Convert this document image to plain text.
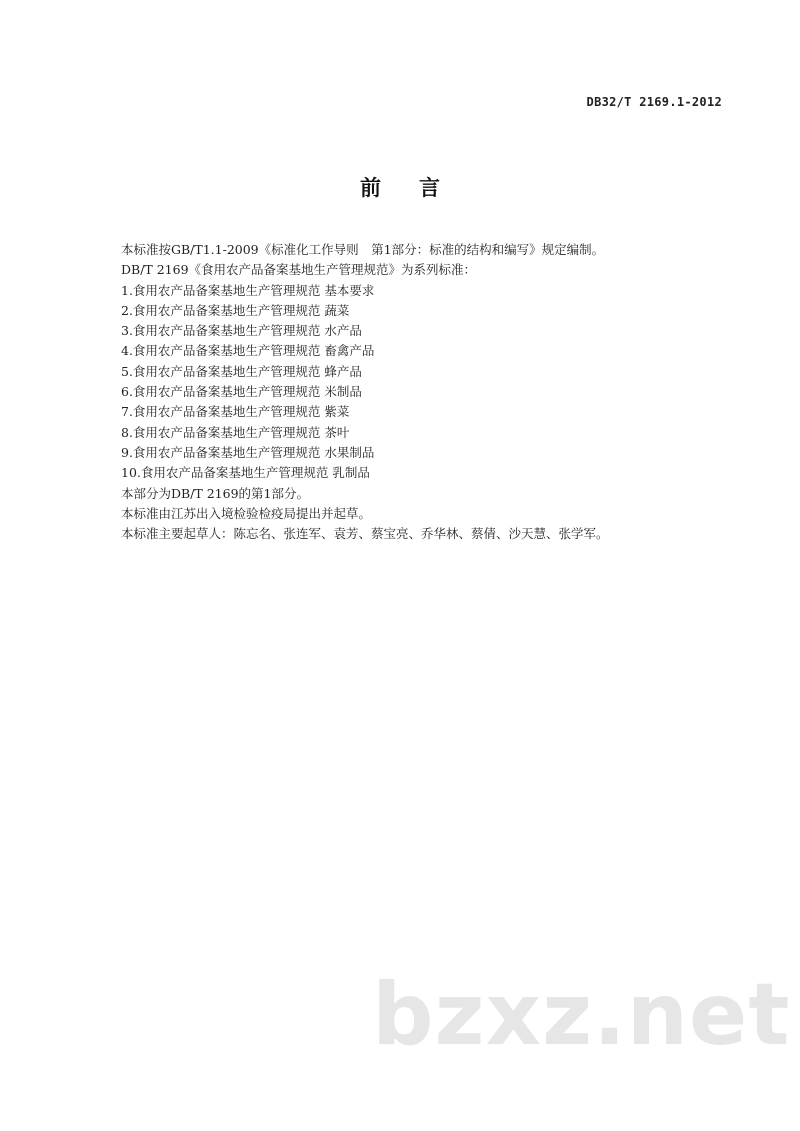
DB32/T 2169.1-2012
前言
本标准按GB/T1.1-2009《标准化工作导则　第1部分：标准的结构和编写》规定编制。
DB/T 2169《食用农产品备案基地生产管理规范》为系列标准：
1.食用农产品备案基地生产管理规范 基本要求
2.食用农产品备案基地生产管理规范 蔬菜
3.食用农产品备案基地生产管理规范 水产品
4.食用农产品备案基地生产管理规范 畜禽产品
5.食用农产品备案基地生产管理规范 蜂产品
6.食用农产品备案基地生产管理规范 米制品
7.食用农产品备案基地生产管理规范 紫菜
8.食用农产品备案基地生产管理规范 茶叶
9.食用农产品备案基地生产管理规范 水果制品
10.食用农产品备案基地生产管理规范 乳制品
本部分为DB/T 2169的第1部分。
本标准由江苏出入境检验检疫局提出并起草。
本标准主要起草人：陈忘名、张连军、袁芳、蔡宝亮、乔华林、蔡倩、沙天慧、张学军。
bzxz.net
